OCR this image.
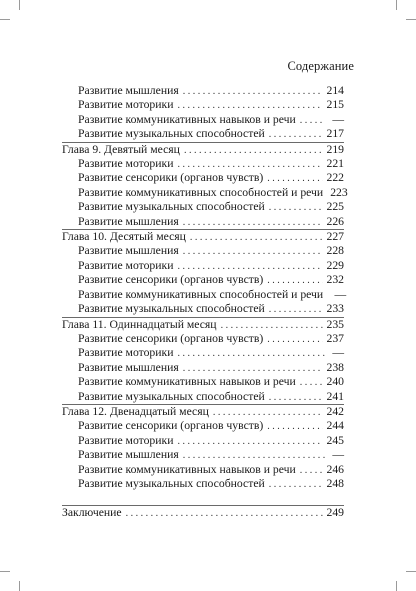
Содержание
Развитие мышления . . .	214
Развитие моторики . . .	215
Развитие коммуникативных навыков и речи . . .	—
Развитие музыкальных способностей . . .	217
Глава 9. Девятый месяц . . .	219
Развитие моторики . . .	221
Развитие сенсорики (органов чувств) . . .	222
Развитие коммуникативных способностей и речи 223
Развитие музыкальных способностей . . .	225
Развитие мышления . . .	226
Глава 10. Десятый месяц . . .	227
Развитие мышления . . .	228
Развитие моторики . . .	229
Развитие сенсорики (органов чувств) . . .	232
Развитие коммуникативных способностей и речи —
Развитие музыкальных способностей . . .	233
Глава 11. Одиннадцатый месяц . . .	235
Развитие сенсорики (органов чувств) . . .	237
Развитие моторики . . .	—
Развитие мышления . . .	238
Развитие коммуникативных навыков и речи . . .	240
Развитие музыкальных способностей . . .	241
Глава 12. Двенадцатый месяц . . .	242
Развитие сенсорики (органов чувств) . . .	244
Развитие моторики . . .	245
Развитие мышления . . .	—
Развитие коммуникативных навыков и речи . . .	246
Развитие музыкальных способностей . . .	248
Заключение . . .	249
